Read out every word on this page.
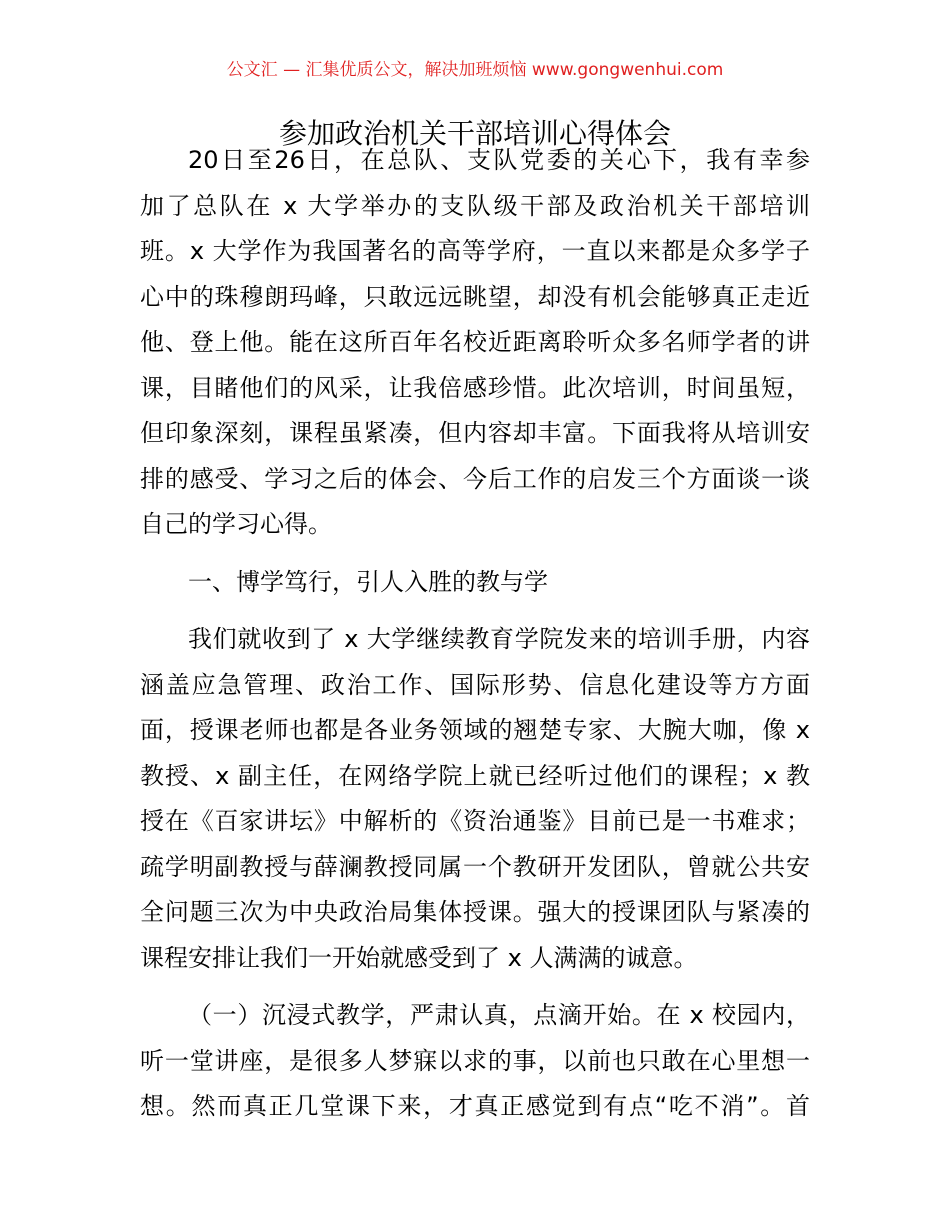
公文汇 — 汇集优质公文，解决加班烦恼 www.gongwenhui.com
参加政治机关干部培训心得体会
20日至26日，在总队、支队党委的关心下，我有幸参
加了总队在 x 大学举办的支队级干部及政治机关干部培训
班。x 大学作为我国著名的高等学府，一直以来都是众多学子
心中的珠穆朗玛峰，只敢远远眺望，却没有机会能够真正走近
他、登上他。能在这所百年名校近距离聆听众多名师学者的讲
课，目睹他们的风采，让我倍感珍惜。此次培训，时间虽短，
但印象深刻，课程虽紧凑，但内容却丰富。下面我将从培训安
排的感受、学习之后的体会、今后工作的启发三个方面谈一谈
自己的学习心得。
一、博学笃行，引人入胜的教与学
我们就收到了 x 大学继续教育学院发来的培训手册，内容
涵盖应急管理、政治工作、国际形势、信息化建设等方方面
面，授课老师也都是各业务领域的翘楚专家、大腕大咖，像 x
教授、x 副主任，在网络学院上就已经听过他们的课程；x 教
授在《百家讲坛》中解析的《资治通鉴》目前已是一书难求；
疏学明副教授与薛澜教授同属一个教研开发团队，曾就公共安
全问题三次为中央政治局集体授课。强大的授课团队与紧凑的
课程安排让我们一开始就感受到了 x 人满满的诚意。
（一）沉浸式教学，严肃认真，点滴开始。在 x 校园内，
听一堂讲座，是很多人梦寐以求的事，以前也只敢在心里想一
想。然而真正几堂课下来，才真正感觉到有点“吃不消”。首
